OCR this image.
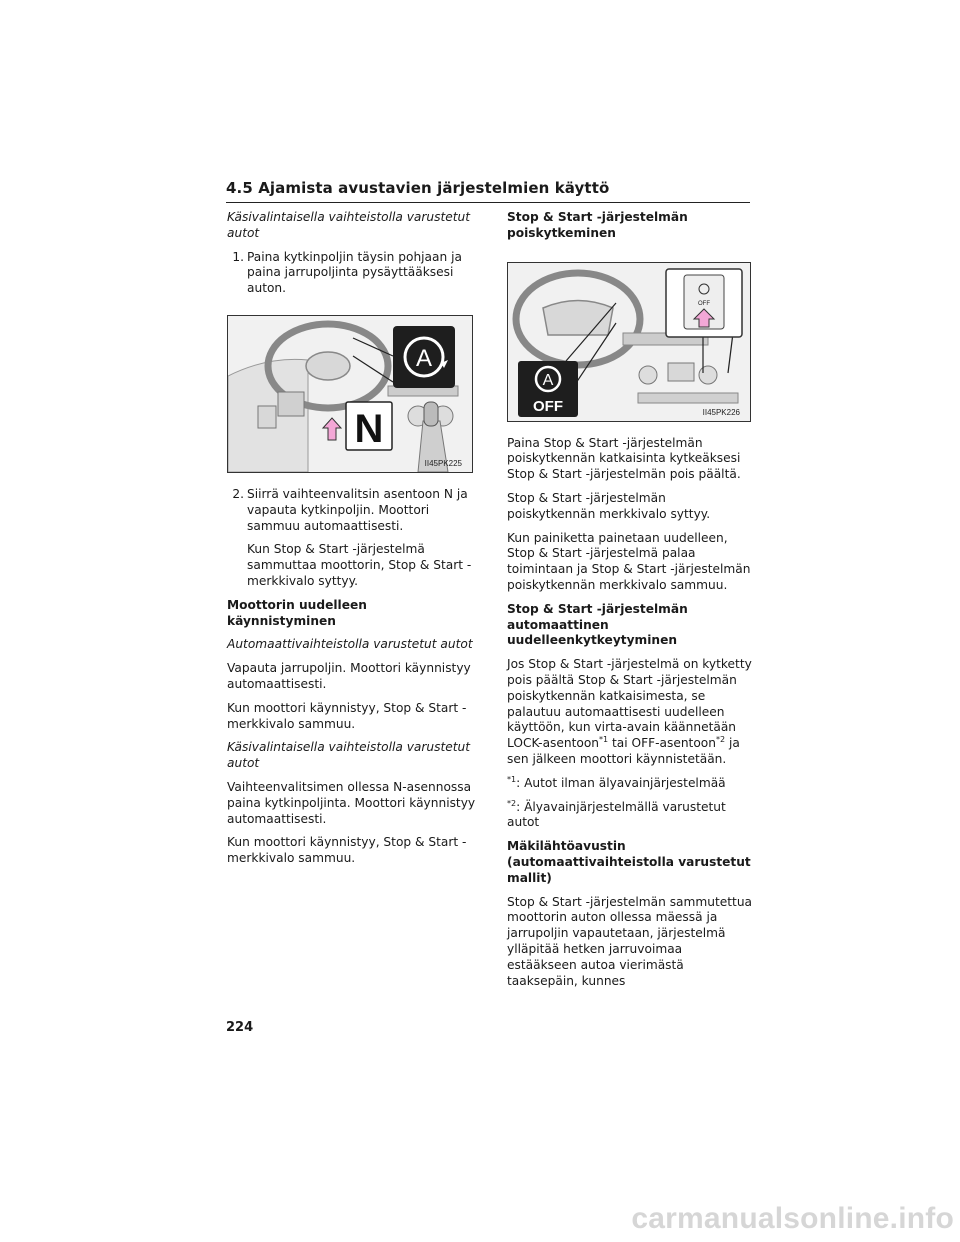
4.5 Ajamista avustavien järjestelmien käyttö

Käsivalintaisella vaihteistolla varustetut autot

1. Paina kytkinpoljin täysin pohjaan ja paina jarrupoljinta pysäyttääksesi auton.
A
N
II45PK225
2. Siirrä vaihteenvalitsin asentoon N ja vapauta kytkinpoljin. Moottori sammuu automaattisesti.

Kun Stop & Start -järjestelmä sammuttaa moottorin, Stop & Start -merkkivalo syttyy.

Moottorin uudelleen käynnistyminen

Automaattivaihteistolla varustetut autot

Vapauta jarrupoljin. Moottori käynnistyy automaattisesti.

Kun moottori käynnistyy, Stop & Start -merkkivalo sammuu.

Käsivalintaisella vaihteistolla varustetut autot

Vaihteenvalitsimen ollessa N-asennossa paina kytkinpoljinta. Moottori käynnistyy automaattisesti.

Kun moottori käynnistyy, Stop & Start -merkkivalo sammuu.

Stop & Start -järjestelmän poiskytkeminen

OFF
A
OFF	II45PK226

Paina Stop & Start -järjestelmän poiskytkennän katkaisinta kytkeäksesi Stop & Start -järjestelmän pois päältä.

Stop & Start -järjestelmän poiskytkennän merkkivalo syttyy.

Kun painiketta painetaan uudelleen, Stop & Start -järjestelmä palaa toimintaan ja Stop & Start -järjestelmän poiskytkennän merkkivalo sammuu.

Stop & Start -järjestelmän automaattinen uudelleenkytkeytyminen

Jos Stop & Start -järjestelmä on kytketty pois päältä Stop & Start -järjestelmän poiskytkennän katkaisimesta, se palautuu automaattisesti uudelleen käyttöön, kun virta-avain käännetään LOCK-asentoon$^{*1}$ tai OFF-asentoon$^{*2}$ ja sen jälkeen moottori käynnistetään.

$^{*1}$: Autot ilman älyavainjärjestelmää

$^{*2}$: Älyavainjärjestelmällä varustetut autot

Mäkilähtöavustin (automaattivaihteistolla varustetut mallit)

Stop & Start -järjestelmän sammutettua moottorin auton ollessa mäessä ja jarrupoljin vapautetaan, järjestelmä ylläpitää hetken jarruvoimaa estääkseen autoa vierimästä taaksepäin, kunnes

224
carmanualsonline.info
